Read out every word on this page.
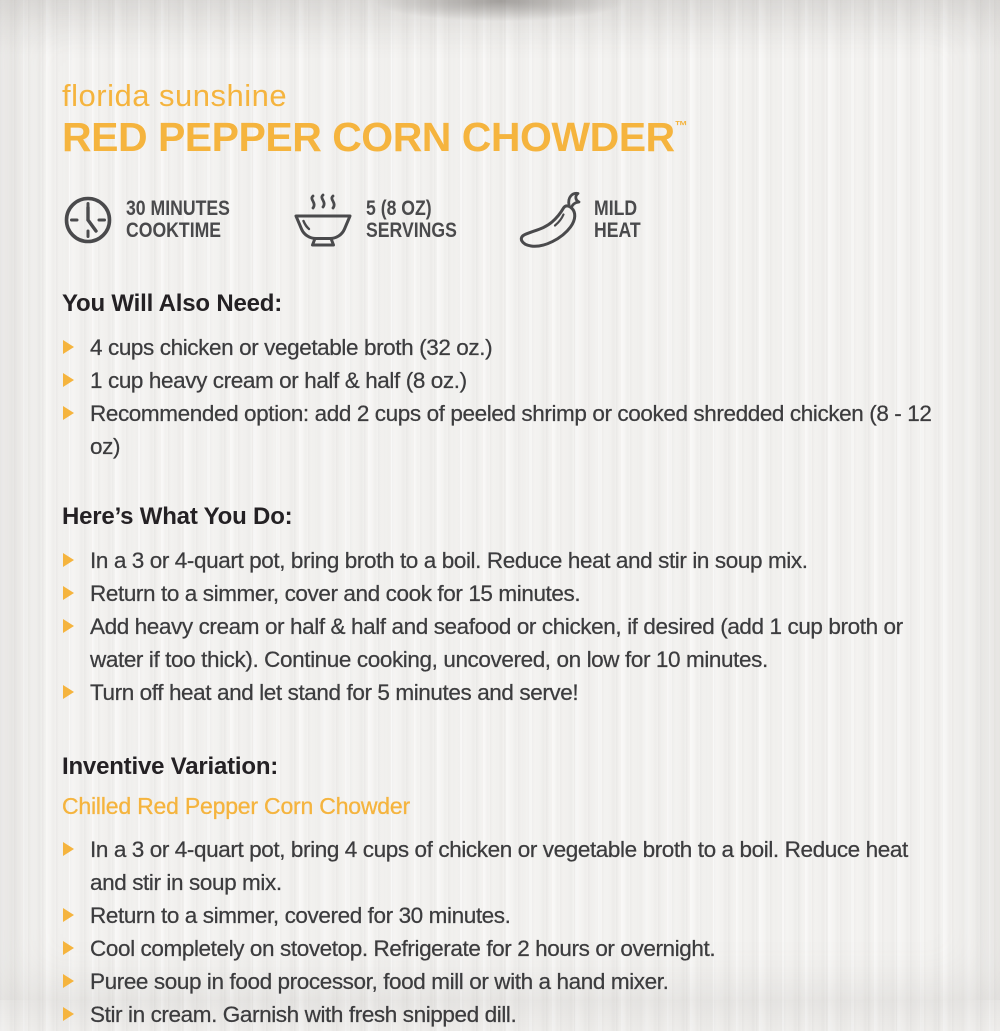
florida sunshine
RED PEPPER CORN CHOWDER™
30 MINUTES
COOKTIME
5 (8 OZ)
SERVINGS
MILD
HEAT
You Will Also Need:
4 cups chicken or vegetable broth (32 oz.)
1 cup heavy cream or half & half (8 oz.)
Recommended option: add 2 cups of peeled shrimp or cooked shredded chicken (8 - 12 oz)
Here’s What You Do:
In a 3 or 4-quart pot, bring broth to a boil. Reduce heat and stir in soup mix.
Return to a simmer, cover and cook for 15 minutes.
Add heavy cream or half & half and seafood or chicken, if desired (add 1 cup broth or water if too thick). Continue cooking, uncovered, on low for 10 minutes.
Turn off heat and let stand for 5 minutes and serve!
Inventive Variation:
Chilled Red Pepper Corn Chowder
In a 3 or 4-quart pot, bring 4 cups of chicken or vegetable broth to a boil. Reduce heat and stir in soup mix.
Return to a simmer, covered for 30 minutes.
Cool completely on stovetop. Refrigerate for 2 hours or overnight.
Puree soup in food processor, food mill or with a hand mixer.
Stir in cream. Garnish with fresh snipped dill.
